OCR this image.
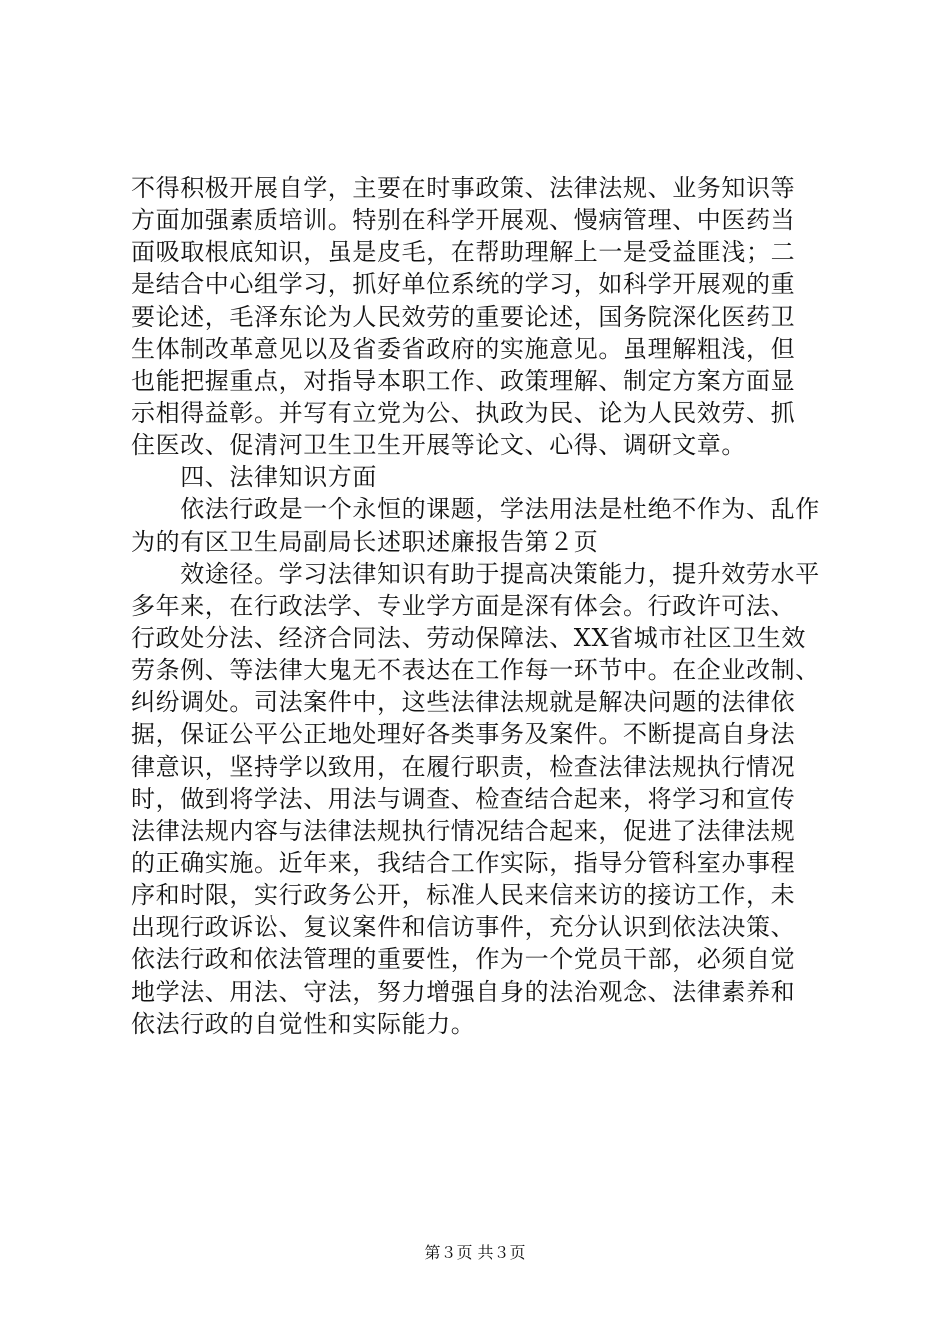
不得积极开展自学，主要在时事政策、法律法规、业务知识等
方面加强素质培训。特别在科学开展观、慢病管理、中医药当
面吸取根底知识，虽是皮毛，在帮助理解上一是受益匪浅；二
是结合中心组学习，抓好单位系统的学习，如科学开展观的重
要论述，毛泽东论为人民效劳的重要论述，国务院深化医药卫
生体制改革意见以及省委省政府的实施意见。虽理解粗浅，但
也能把握重点，对指导本职工作、政策理解、制定方案方面显
示相得益彰。并写有立党为公、执政为民、论为人民效劳、抓
住医改、促清河卫生卫生开展等论文、心得、调研文章。
　　四、法律知识方面
　　依法行政是一个永恒的课题，学法用法是杜绝不作为、乱作
为的有区卫生局副局长述职述廉报告第２页
　　效途径。学习法律知识有助于提高决策能力，提升效劳水平
多年来，在行政法学、专业学方面是深有体会。行政许可法、
行政处分法、经济合同法、劳动保障法、XX省城市社区卫生效
劳条例、等法律大鬼无不表达在工作每一环节中。在企业改制、
纠纷调处。司法案件中，这些法律法规就是解决问题的法律依
据，保证公平公正地处理好各类事务及案件。不断提高自身法
律意识，坚持学以致用，在履行职责，检查法律法规执行情况
时，做到将学法、用法与调查、检查结合起来，将学习和宣传
法律法规内容与法律法规执行情况结合起来，促进了法律法规
的正确实施。近年来，我结合工作实际，指导分管科室办事程
序和时限，实行政务公开，标准人民来信来访的接访工作，未
出现行政诉讼、复议案件和信访事件，充分认识到依法决策、
依法行政和依法管理的重要性，作为一个党员干部，必须自觉
地学法、用法、守法，努力增强自身的法治观念、法律素养和
依法行政的自觉性和实际能力。
第３页 共３页
